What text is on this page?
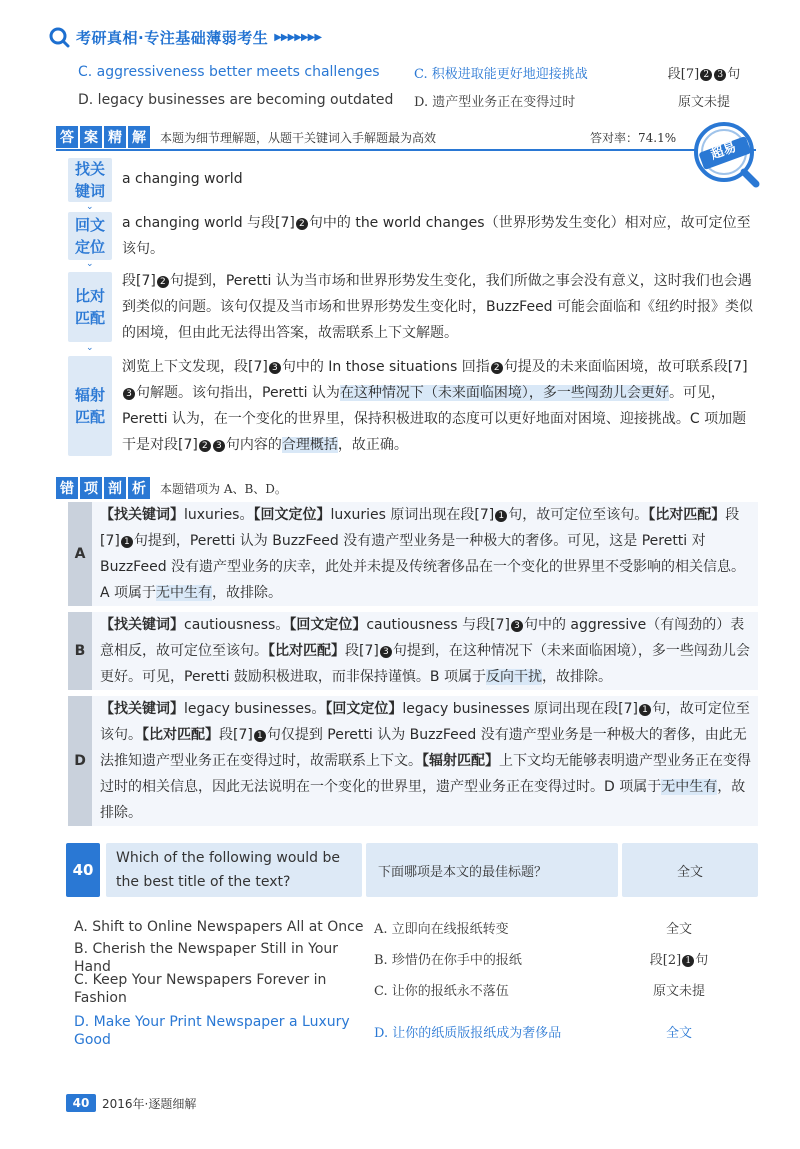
考研真相·专注基础薄弱考生 ▶▶▶▶▶▶▶
C. aggressiveness better meets challenges	C. 积极进取能更好地迎接挑战	段[7] 2 3 句
D. legacy businesses are becoming outdated	D. 遗产型业务正在变得过时	原文未提
答 案 精 解	本题为细节理解题，从题干关键词入手解题最为高效	答对率：74.1%
超易
找关
键词
⌄
a changing world
回文
定位
⌄
a changing world 与段[7] 2 句中的 the world changes（世界形势发生变化）相对应，故可定位至该句。
比对
匹配
⌄
段[7] 2 句提到，Peretti 认为当市场和世界形势发生变化，我们所做之事会没有意义，这时我们也会遇到类似的问题。该句仅提及当市场和世界形势发生变化时，BuzzFeed 可能会面临和《纽约时报》类似的困境，但由此无法得出答案，故需联系上下文解题。
辐射
匹配
浏览上下文发现，段[7] 3 句中的 In those situations 回指 2 句提及的未来面临困境，故可联系段[7]3 句解题。该句指出，Peretti 认为在这种情况下（未来面临困境），多一些闯劲儿会更好。可见，Peretti 认为，在一个变化的世界里，保持积极进取的态度可以更好地面对困境、迎接挑战。C 项加题干是对段[7] 2 3 句内容的合理概括，故正确。
错 项 剖 析	本题错项为 A、B、D。
A
【找关键词】luxuries。【回文定位】luxuries 原词出现在段[7] 1 句，故可定位至该句。【比对匹配】段[7] 1 句提到，Peretti 认为 BuzzFeed 没有遗产型业务是一种极大的奢侈。可见，这是 Peretti 对 BuzzFeed 没有遗产型业务的庆幸，此处并未提及传统奢侈品在一个变化的世界里不受影响的相关信息。A 项属于无中生有，故排除。
B
【找关键词】cautiousness。【回文定位】cautiousness 与段[7] 3 句中的 aggressive（有闯劲的）表意相反，故可定位至该句。【比对匹配】段[7] 3 句提到，在这种情况下（未来面临困境），多一些闯劲儿会更好。可见，Peretti 鼓励积极进取，而非保持谨慎。B 项属于反向干扰，故排除。
D
【找关键词】legacy businesses。【回文定位】legacy businesses 原词出现在段[7] 1 句，故可定位至该句。【比对匹配】段[7] 1 句仅提到 Peretti 认为 BuzzFeed 没有遗产型业务是一种极大的奢侈，由此无法推知遗产型业务正在变得过时，故需联系上下文。【辐射匹配】上下文均无能够表明遗产型业务正在变得过时的相关信息，因此无法说明在一个变化的世界里，遗产型业务正在变得过时。D 项属于无中生有，故排除。
40
Which of the following would be the best title of the text?
下面哪项是本文的最佳标题？	全文
A. Shift to Online Newspapers All at Once A. 立即向在线报纸转变	全文
B. Cherish the Newspaper Still in Your Hand	B. 珍惜仍在你手中的报纸	段[2] 1 句
C. Keep Your Newspapers Forever in Fashion	C. 让你的报纸永不落伍	原文未提
D. Make Your Print Newspaper a Luxury Good	D. 让你的纸质版报纸成为奢侈品	全文
40	2016年·逐题细解
